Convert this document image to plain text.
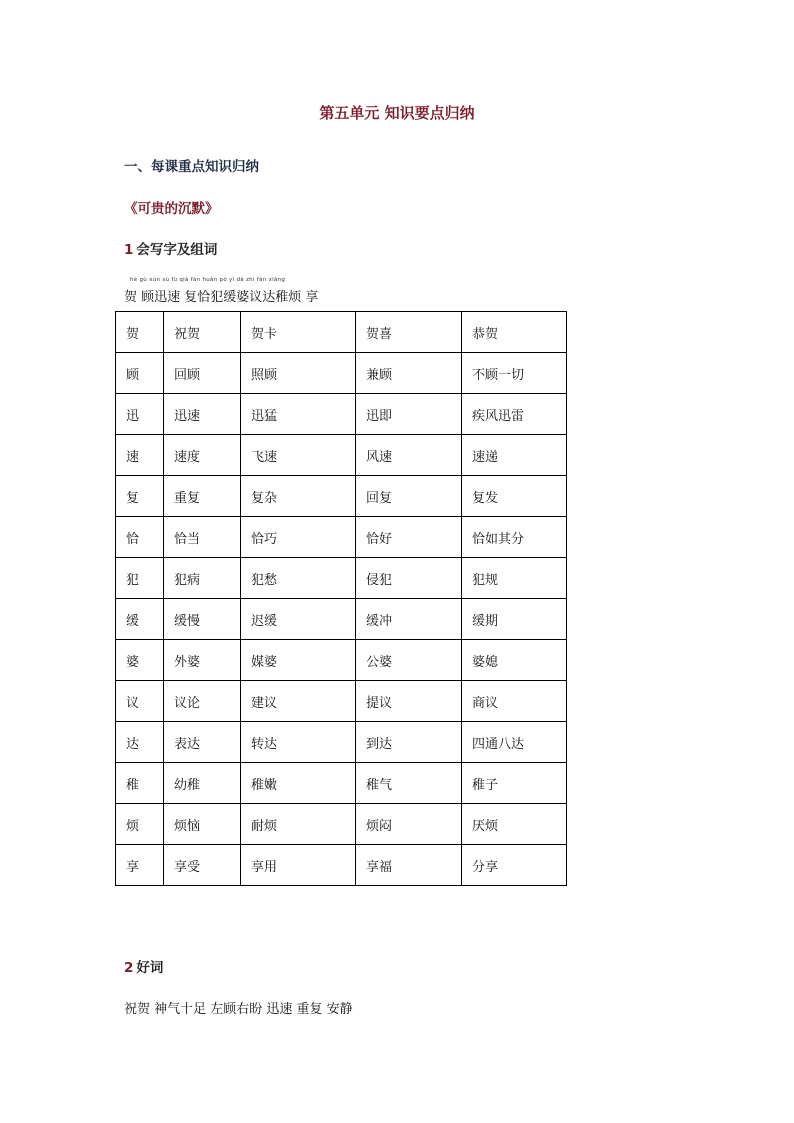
第五单元 知识要点归纳
一、每课重点知识归纳
《可贵的沉默》
1 会写字及组词
hè gù xùn sù fù qià fàn huǎn pó yì dá zhì fán xiǎng
贺 顾迅速 复恰犯缓婆议达稚烦 享
贺	祝贺	贺卡	贺喜	恭贺
顾	回顾	照顾	兼顾	不顾一切
迅	迅速	迅猛	迅即	疾风迅雷
速	速度	飞速	风速	速递
复	重复	复杂	回复	复发
恰	恰当	恰巧	恰好	恰如其分
犯	犯病	犯愁	侵犯	犯规
缓	缓慢	迟缓	缓冲	缓期
婆	外婆	媒婆	公婆	婆媳
议	议论	建议	提议	商议
达	表达	转达	到达	四通八达
稚	幼稚	稚嫩	稚气	稚子
烦	烦恼	耐烦	烦闷	厌烦
享	享受	享用	享福	分享
2 好词
祝贺 神气十足 左顾右盼 迅速 重复 安静
